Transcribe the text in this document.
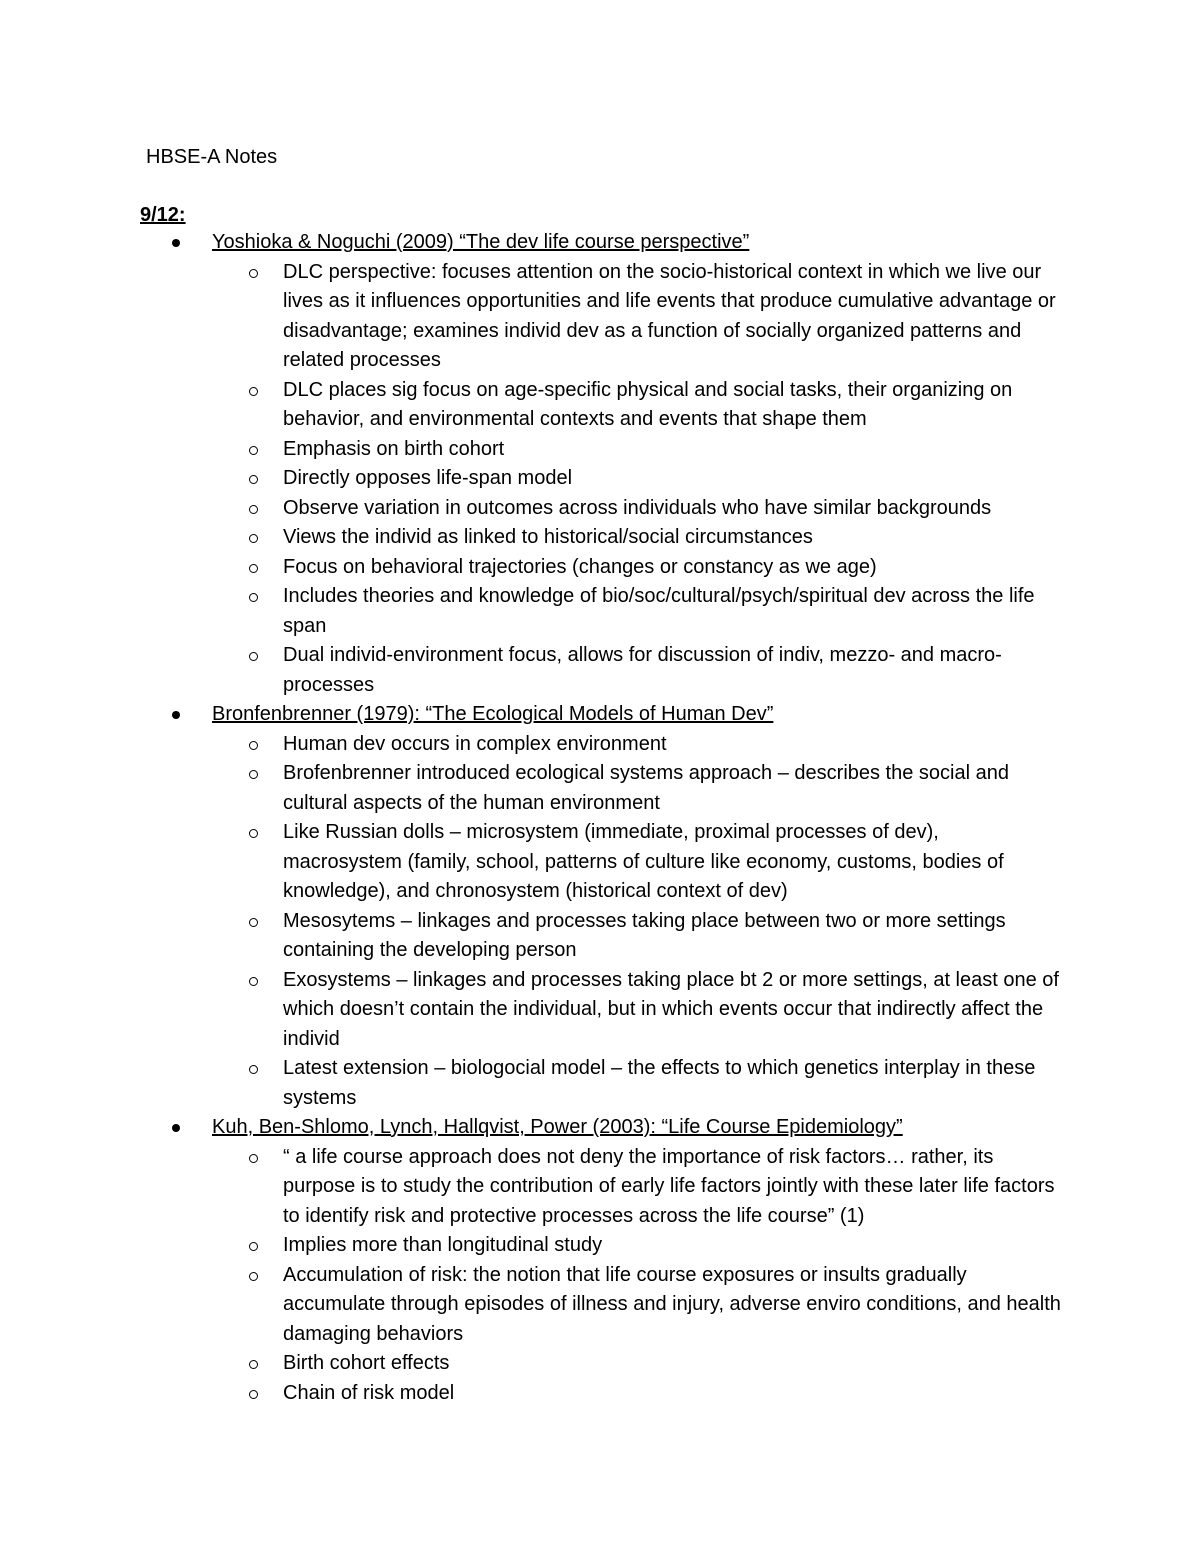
HBSE-A Notes
9/12:
Yoshioka & Noguchi (2009) “The dev life course perspective”
DLC perspective: focuses attention on the socio-historical context in which we live our lives as it influences opportunities and life events that produce cumulative advantage or disadvantage; examines individ dev as a function of socially organized patterns and related processes
DLC places sig focus on age-specific physical and social tasks, their organizing on behavior, and environmental contexts and events that shape them
Emphasis on birth cohort
Directly opposes life-span model
Observe variation in outcomes across individuals who have similar backgrounds
Views the individ as linked to historical/social circumstances
Focus on behavioral trajectories (changes or constancy as we age)
Includes theories and knowledge of bio/soc/cultural/psych/spiritual dev across the life span
Dual individ-environment focus, allows for discussion of indiv, mezzo- and macro-processes
Bronfenbrenner (1979): “The Ecological Models of Human Dev”
Human dev occurs in complex environment
Brofenbrenner introduced ecological systems approach – describes the social and cultural aspects of the human environment
Like Russian dolls – microsystem (immediate, proximal processes of dev), macrosystem (family, school, patterns of culture like economy, customs, bodies of knowledge), and chronosystem (historical context of dev)
Mesosytems – linkages and processes taking place between two or more settings containing the developing person
Exosystems – linkages and processes taking place bt 2 or more settings, at least one of which doesn’t contain the individual, but in which events occur that indirectly affect the individ
Latest extension – biologocial model – the effects to which genetics interplay in these systems
Kuh, Ben-Shlomo, Lynch, Hallqvist, Power (2003): “Life Course Epidemiology”
“ a life course approach does not deny the importance of risk factors… rather, its purpose is to study the contribution of early life factors jointly with these later life factors to identify risk and protective processes across the life course” (1)
Implies more than longitudinal study
Accumulation of risk: the notion that life course exposures or insults gradually accumulate through episodes of illness and injury, adverse enviro conditions, and health damaging behaviors
Birth cohort effects
Chain of risk model
